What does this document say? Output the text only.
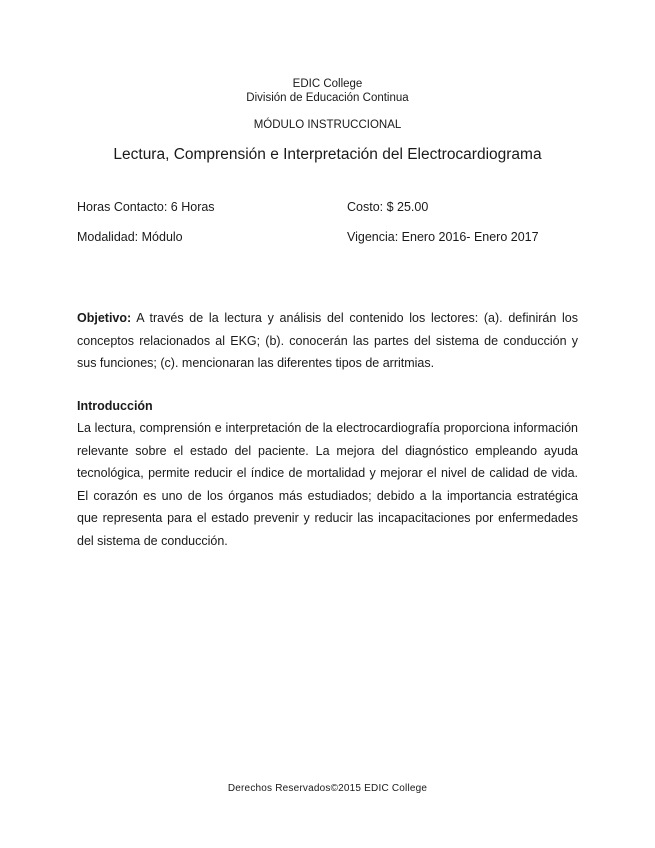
EDIC College
División de Educación Continua
MÓDULO INSTRUCCIONAL
Lectura, Comprensión e Interpretación del Electrocardiograma
Horas Contacto: 6 Horas	Costo: $ 25.00
Modalidad: Módulo	Vigencia: Enero 2016- Enero 2017
Objetivo: A través de la lectura y análisis del contenido los lectores: (a). definirán los conceptos relacionados al EKG; (b). conocerán las partes del sistema de conducción y sus funciones; (c). mencionaran las diferentes tipos de arritmias.
Introducción
La lectura, comprensión e interpretación de la electrocardiografía proporciona información relevante sobre el estado del paciente. La mejora del diagnóstico empleando ayuda tecnológica, permite reducir el índice de mortalidad y mejorar el nivel de calidad de vida. El corazón es uno de los órganos más estudiados; debido a la importancia estratégica que representa para el estado prevenir y reducir las incapacitaciones por enfermedades del sistema de conducción.
Derechos Reservados©2015 EDIC College
